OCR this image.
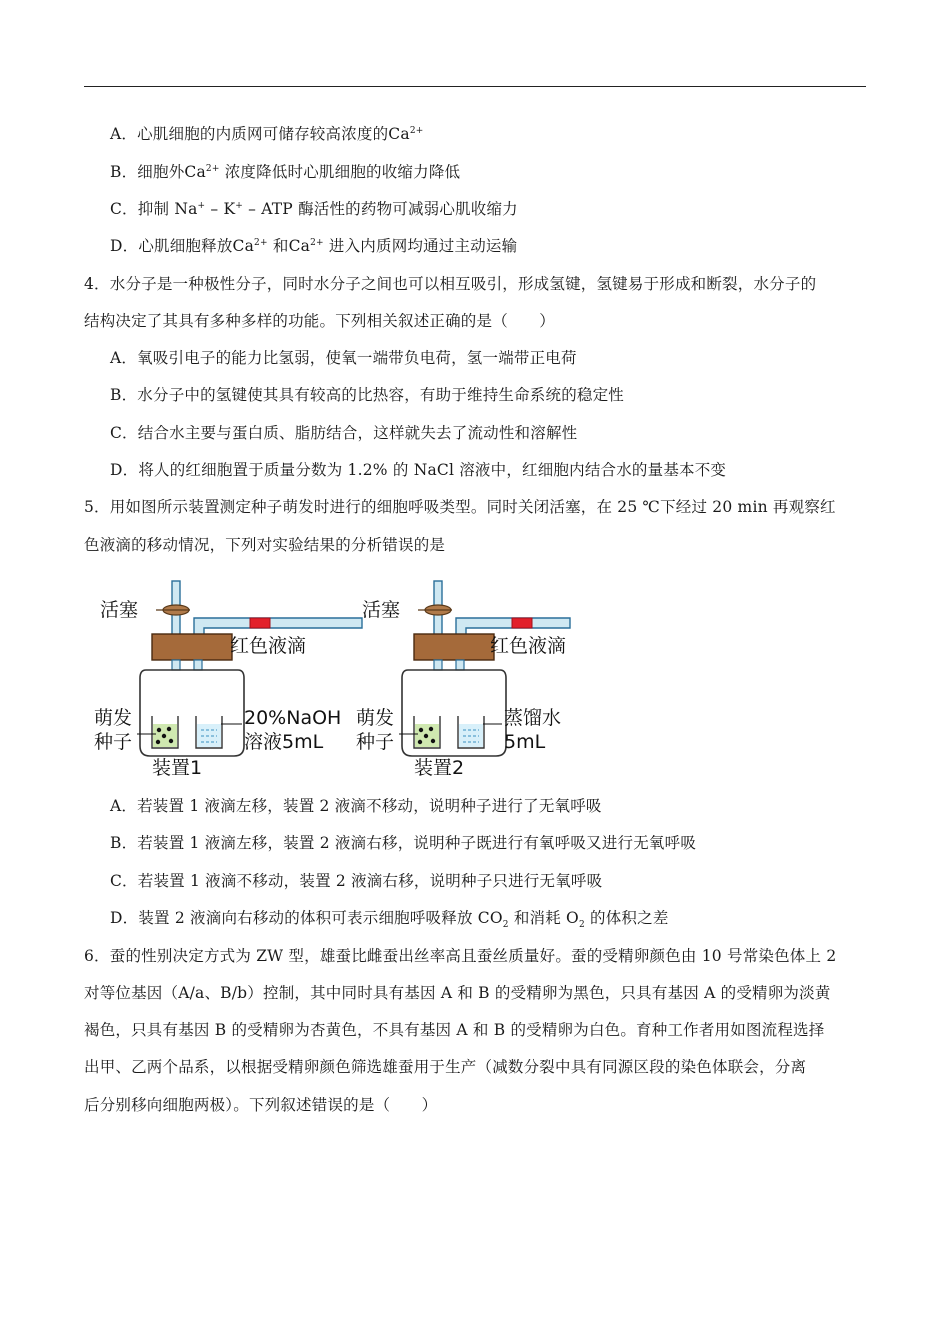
A．心肌细胞的内质网可储存较高浓度的$Ca^{2+}$
B．细胞外$Ca^{2+}$ 浓度降低时心肌细胞的收缩力降低
C．抑制 Na+ – K+ – ATP 酶活性的药物可减弱心肌收缩力
D．心肌细胞释放$Ca^{2+}$ 和$Ca^{2+}$ 进入内质网均通过主动运输
4．水分子是一种极性分子，同时水分子之间也可以相互吸引，形成氢键，氢键易于形成和断裂，水分子的
结构决定了其具有多种多样的功能。下列相关叙述正确的是（　　）
A．氧吸引电子的能力比氢弱，使氧一端带负电荷，氢一端带正电荷
B．水分子中的氢键使其具有较高的比热容，有助于维持生命系统的稳定性
C．结合水主要与蛋白质、脂肪结合，这样就失去了流动性和溶解性
D．将人的红细胞置于质量分数为 1.2% 的 NaCl 溶液中，红细胞内结合水的量基本不变
5．用如图所示装置测定种子萌发时进行的细胞呼吸类型。同时关闭活塞，在 25 ℃下经过 20 min 再观察红
色液滴的移动情况，下列对实验结果的分析错误的是
活塞
红色液滴
萌发
种子
20%NaOH
溶液5mL
装置1
活塞
红色液滴
萌发
种子
蒸馏水
5mL
装置2
A．若装置 1 液滴左移，装置 2 液滴不移动，说明种子进行了无氧呼吸
B．若装置 1 液滴左移，装置 2 液滴右移，说明种子既进行有氧呼吸又进行无氧呼吸
C．若装置 1 液滴不移动，装置 2 液滴右移，说明种子只进行无氧呼吸
D．装置 2 液滴向右移动的体积可表示细胞呼吸释放 $CO_2$ 和消耗 $O_2$ 的体积之差
6．蚕的性别决定方式为 ZW 型，雄蚕比雌蚕出丝率高且蚕丝质量好。蚕的受精卵颜色由 10 号常染色体上 2
对等位基因（A/a、B/b）控制，其中同时具有基因 A 和 B 的受精卵为黑色，只具有基因 A 的受精卵为淡黄
褐色，只具有基因 B 的受精卵为杏黄色，不具有基因 A 和 B 的受精卵为白色。育种工作者用如图流程选择
出甲、乙两个品系，以根据受精卵颜色筛选雄蚕用于生产（减数分裂中具有同源区段的染色体联会，分离
后分别移向细胞两极）。下列叙述错误的是（　　）
